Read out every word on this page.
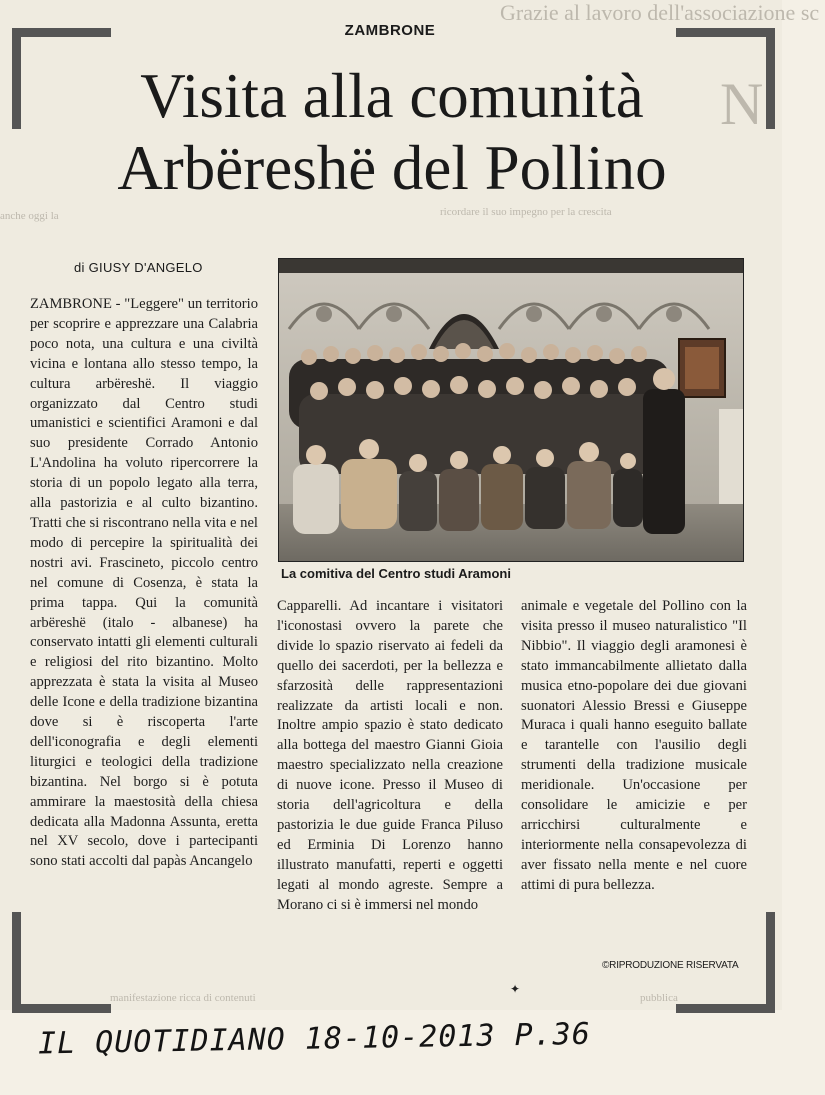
Grazie al lavoro dell'associazione sc
N
anche oggi la	ricordare il suo impegno per la crescita
manifestazione ricca di contenuti	pubblica
ZAMBRONE
Visita alla comunità
Arbëreshë del Pollino
di GIUSY D'ANGELO

ZAMBRONE - "Leggere" un territorio per scoprire e apprezzare una Calabria poco nota, una cultura e una civiltà vicina e lontana allo stesso tempo, la cultura arbëreshë. Il viaggio organizzato dal Centro studi umanistici e scientifici Aramoni e dal suo presidente Corrado Antonio L'Andolina ha voluto ripercorrere la storia di un popolo legato alla terra, alla pastorizia e al culto bizantino. Tratti che si riscontrano nella vita e nel modo di percepire la spiritualità dei nostri avi. Frascineto, piccolo centro nel comune di Cosenza, è stata la prima tappa. Qui la comunità arbëreshë (italo - albanese) ha conservato intatti gli elementi culturali e religiosi del rito bizantino. Molto apprezzata è stata la visita al Museo delle Icone e della tradizione bizantina dove si è riscoperta l'arte dell'iconografia e degli elementi liturgici e teologici della tradizione bizantina. Nel borgo si è potuta ammirare la maestosità della chiesa dedicata alla Madonna Assunta, eretta nel XV secolo, dove i partecipanti sono stati accolti dal papàs Ancangelo

La comitiva del Centro studi Aramoni

Capparelli. Ad incantare i visitatori l'iconostasi ovvero la parete che divide lo spazio riservato ai fedeli da quello dei sacerdoti, per la bellezza e sfarzosità delle rappresentazioni realizzate da artisti locali e non. Inoltre ampio spazio è stato dedicato alla bottega del maestro Gianni Gioia maestro specializzato nella creazione di nuove icone. Presso il Museo di storia dell'agricoltura e della pastorizia le due guide Franca Piluso ed Erminia Di Lorenzo hanno illustrato manufatti, reperti e oggetti legati al mondo agreste. Sempre a Morano ci si è immersi nel mondo

animale e vegetale del Pollino con la visita presso il museo naturalistico "Il Nibbio". Il viaggio degli aramonesi è stato immancabilmente allietato dalla musica etno-popolare dei due giovani suonatori Alessio Bressi e Giuseppe Muraca i quali hanno eseguito ballate e tarantelle con l'ausilio degli strumenti della tradizione musicale meridionale. Un'occasione per consolidare le amicizie e per arricchirsi culturalmente e interiormente nella consapevolezza di aver fissato nella mente e nel cuore attimi di pura bellezza.

©RIPRODUZIONE RISERVATA
✦
IL QUOTIDIANO 18-10-2013 P.36
